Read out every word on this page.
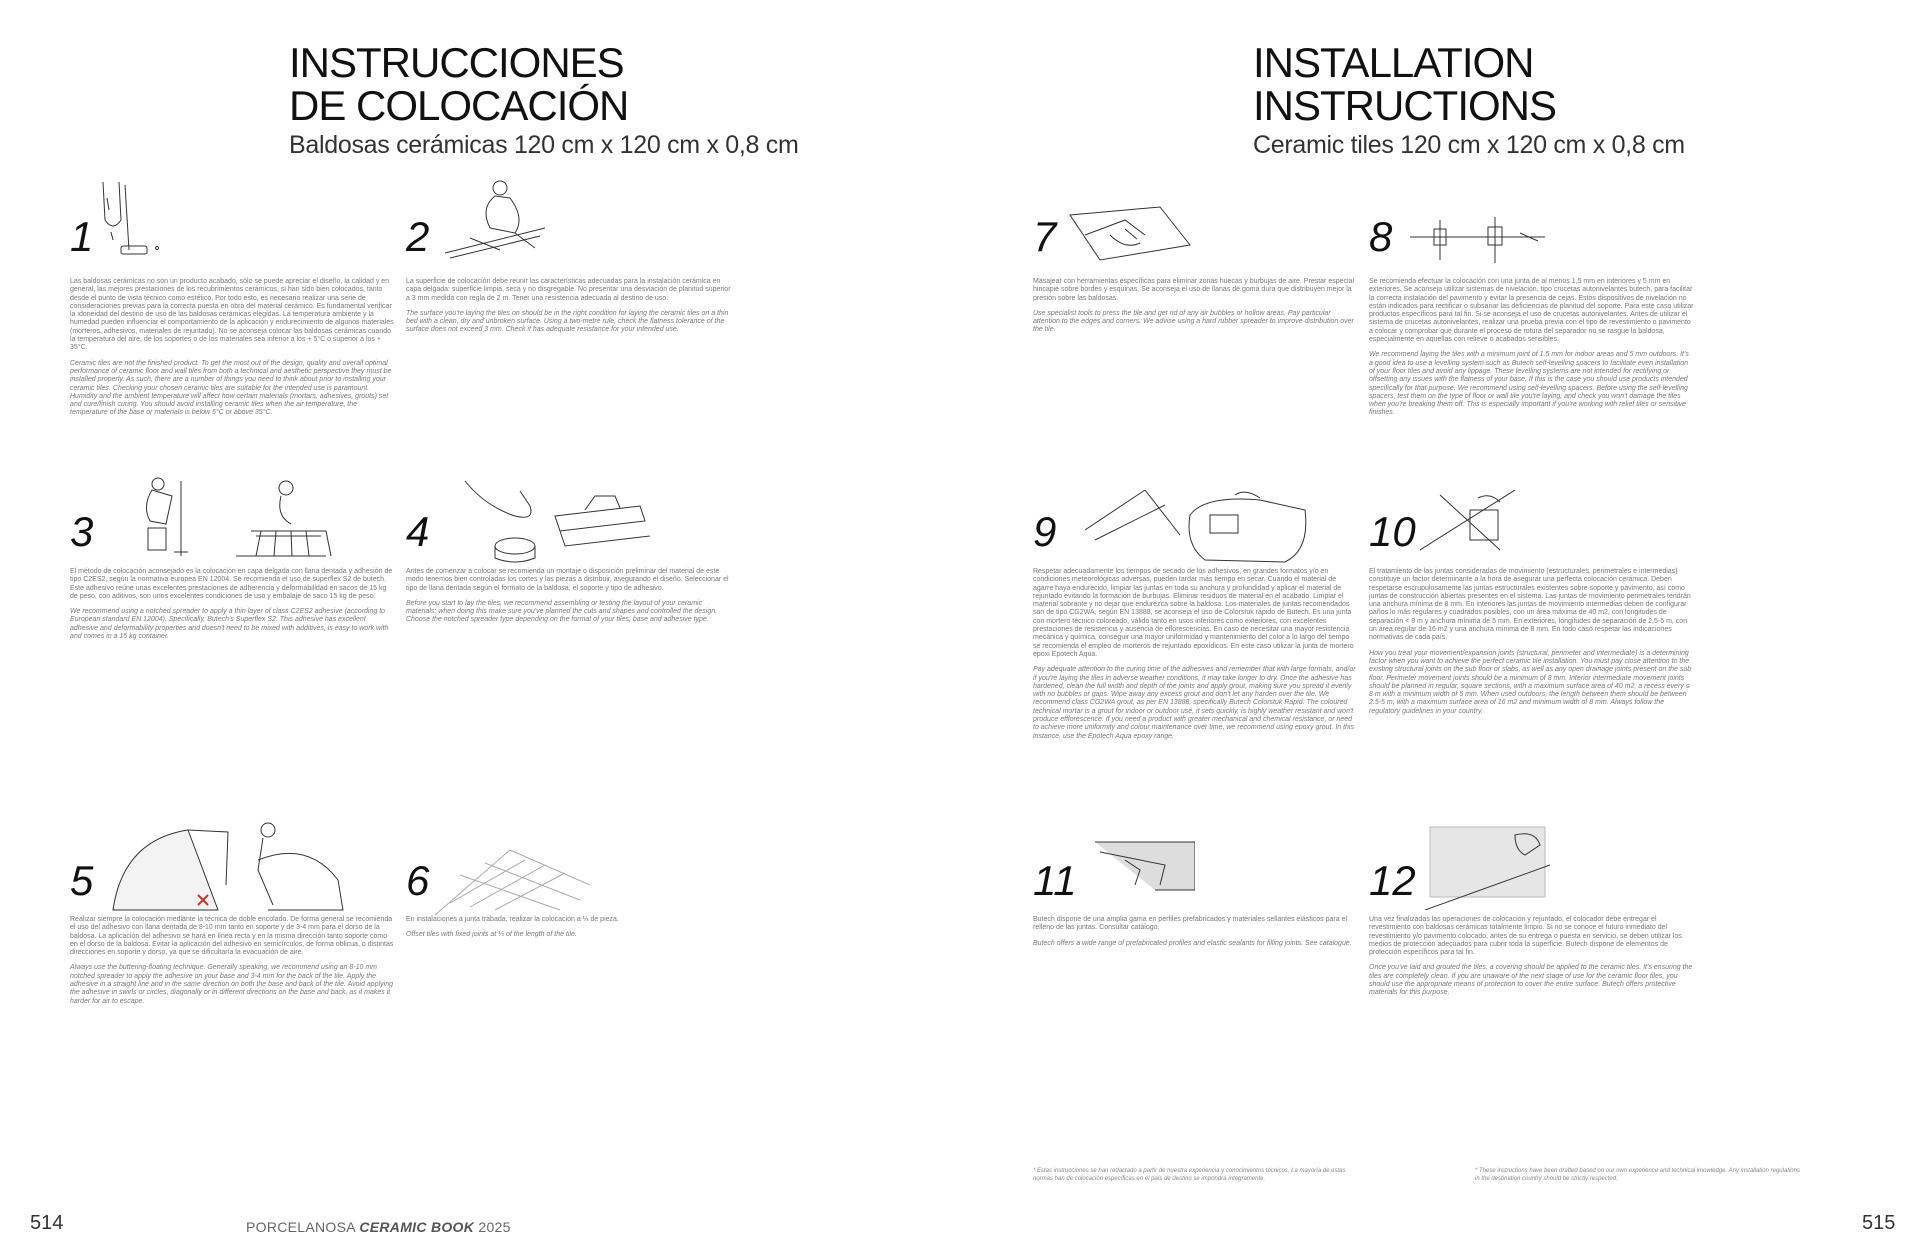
INSTRUCCIONES
DE COLOCACIÓN
Baldosas cerámicas 120 cm x 120 cm x 0,8 cm
INSTALLATION
INSTRUCTIONS
Ceramic tiles 120 cm x 120 cm x 0,8 cm
1	2	7	8
3	4	9	10
5	6	11	12

Las baldosas cerámicas no son un producto acabado, sólo se puede apreciar el diseño, la calidad y en general, las mejores prestaciones de los recubrimientos cerámicos, si han sido bien colocados, tanto desde el punto de vista técnico como estético. Por todo esto, es necesario realizar una serie de consideraciones previas para la correcta puesta en obra del material cerámico. Es fundamental verificar la idoneidad del destino de uso de las baldosas cerámicas elegidas. La temperatura ambiente y la humedad pueden influenciar el comportamiento de la aplicación y endurecimiento de algunos materiales (morteros, adhesivos, materiales de rejuntado). No se aconseja colocar las baldosas cerámicas cuando la temperatura del aire, de los soportes o de los materiales sea inferior a los + 5°C o superior a los + 35°C.

Ceramic tiles are not the finished product. To get the most out of the design, quality and overall optimal performance of ceramic floor and wall tiles from both a technical and aesthetic perspective they must be installed properly. As such, there are a number of things you need to think about prior to installing your ceramic tiles. Checking your chosen ceramic tiles are suitable for the intended use is paramount. Humidity and the ambient temperature will affect how certain materials (mortars, adhesives, grouts) set and cure/finish curing. You should avoid installing ceramic tiles when the air temperature, the temperature of the base or materials is below 5°C or above 35°C.

La superficie de colocación debe reunir las características adecuadas para la instalación cerámica en capa delgada: superficie limpia, seca y no disgregable. No presentar una desviación de planitud superior a 3 mm medida con regla de 2 m. Tener una resistencia adecuada al destino de uso.

The surface you're laying the tiles on should be in the right condition for laying the ceramic tiles on a thin bed with a clean, dry and unbroken surface. Using a two-metre rule, check the flatness tolerance of the surface does not exceed 3 mm. Check it has adequate resistance for your intended use.

Masajear con herramientas específicas para eliminar zonas huecas y burbujas de aire. Prestar especial hincapié sobre bordes y esquinas. Se aconseja el uso de llanas de goma dura que distribuyen mejor la presión sobre las baldosas.

Use specialist tools to press the tile and get rid of any air bubbles or hollow areas. Pay particular attention to the edges and corners. We advise using a hard rubber spreader to improve distribution over the tile.

Se recomienda efectuar la colocación con una junta de al menos 1,5 mm en interiores y 5 mm en exteriores. Se aconseja utilizar sistemas de nivelación, tipo crucetas autonivelantes butech, para facilitar la correcta instalación del pavimento y evitar la presencia de cejas. Estos dispositivos de nivelación no están indicados para rectificar o subsanar las deficiencias de planitud del soporte. Para este caso utilizar productos específicos para tal fin. Si se aconseja el uso de crucetas autonivelantes. Antes de utilizar el sistema de crucetas autonivelantes, realizar una prueba previa con el tipo de revestimiento o pavimento a colocar y comprobar que durante el proceso de rotura del separador no se rasgue la baldosa, especialmente en aquellas con relieve o acabados sensibles.

We recommend laying the tiles with a minimum joint of 1.5 mm for indoor areas and 5 mm outdoors. It's a good idea to use a levelling system such as Butech self-levelling spacers to facilitate even installation of your floor tiles and avoid any lippage. These levelling systems are not intended for rectifying or offsetting any issues with the flatness of your base. If this is the case you should use products intended specifically for that purpose. We recommend using self-levelling spacers. Before using the self-levelling spacers, test them on the type of floor or wall tile you're laying, and check you won't damage the tiles when you're breaking them off. This is especially important if you're working with relief tiles or sensitive finishes.

El método de colocación aconsejado es la colocación en capa delgada con llana dentada y adhesión de tipo C2ES2, según la normativa europea EN 12004. Se recomienda el uso de superflex S2 de butech. Este adhesivo reúne unas excelentes prestaciones de adherencia y deformabilidad en sacos de 15 kg de peso, con aditivos, son unos excelentes condiciones de uso y embalaje de saco 15 kg de peso.

We recommend using a notched spreader to apply a thin layer of class C2ES2 adhesive (according to European standard EN 12004). Specifically, Butech's Superflex S2. This adhesive has excellent adhesive and deformability properties and doesn't need to be mixed with additives, is easy to work with and comes in a 15 kg container.

Antes de comenzar a colocar se recomienda un montaje o disposición preliminar del material de este modo tenemos bien controladas los cortes y las piezas a distribuir, asegurando el diseño. Seleccionar el tipo de llana dentada según el formato de la baldosa, el soporte y tipo de adhesivo.

Before you start to lay the tiles, we recommend assembling or testing the layout of your ceramic materials: when doing this make sure you've planned the cuts and shapes and controlled the design. Choose the notched spreader type depending on the format of your tiles, base and adhesive type.

Respetar adecuadamente los tiempos de secado de los adhesivos, en grandes formatos y/o en condiciones meteorológicas adversas, pueden tardar más tiempo en secar. Cuando el material de agarre haya endurecido, limpiar las juntas en toda su anchura y profundidad y aplicar el material de rejuntado evitando la formación de burbujas. Eliminar residuos de material en el acabado. Limpiar el material sobrante y no dejar que endurezca sobre la baldosa. Los materiales de juntas recomendados son de tipo CG2WA, según EN 13888, se aconseja el uso de Colorstuk rápido de Butech. Es una junta con mortero técnico coloreado, válido tanto en usos interiores como exteriores, con excelentes prestaciones de resistencia y ausencia de eflorescencias. En caso de necesitar una mayor resistencia mecánica y química, conseguir una mayor uniformidad y mantenimiento del color a lo largo del tiempo se recomienda el empleo de morteros de rejuntado epoxídicos. En este caso utilizar la junta de mortero epoxi Epotech Aqua.

Pay adequate attention to the curing time of the adhesives and remember that with large formats, and/or if you're laying the tiles in adverse weather conditions, it may take longer to dry. Once the adhesive has hardened, clean the full width and depth of the joints and apply grout, making sure you spread it evenly with no bubbles or gaps. Wipe away any excess grout and don't let any harden over the tile. We recommend class CG2WA grout, as per EN 13888, specifically Butech Colorstuk Rapid. The coloured technical mortar is a grout for indoor or outdoor use, it sets quickly, is highly weather resistant and won't produce efflorescence. If you need a product with greater mechanical and chemical resistance, or need to achieve more uniformity and colour maintenance over time, we recommend using epoxy grout. In this instance, use the Epotech Aqua epoxy range.

El tratamiento de las juntas consideradas de movimiento (estructurales, perimetrales e intermedias) constituye un factor determinante a la hora de asegurar una perfecta colocación cerámica. Deben respetarse escrupulosamente las juntas estructurales existentes sobre soporte y pavimento, así como juntas de construcción abiertas presentes en el sistema. Las juntas de movimiento perimetrales tendrán una anchura mínima de 8 mm. En interiores las juntas de movimiento intermedias deben de configurar paños lo más regulares y cuadrados posibles, con un área máxima de 40 m2, con longitudes de separación < 8 m y anchura mínima de 5 mm. En exteriores, longitudes de separación de 2,5-5 m, con un área regular de 16 m2 y una anchura mínima de 8 mm. En todo caso respetar las indicaciones normativas de cada país.

How you treat your movement/expansion joints (structural, perimeter and intermediate) is a determining factor when you want to achieve the perfect ceramic tile installation. You must pay close attention to the existing structural joints on the sub floor or slabs, as well as any open drainage joints present on the sub floor. Perimeter movement joints should be a minimum of 8 mm. Interior intermediate movement joints should be planned in regular, square sections, with a maximum surface area of 40 m2, a recess every ≤ 8 m with a minimum width of 5 mm. When used outdoors, the length between them should be between 2.5-5 m, with a maximum surface area of 16 m2 and minimum width of 8 mm. Always follow the regulatory guidelines in your country.

Realizar siempre la colocación mediante la técnica de doble encolado. De forma general se recomienda el uso del adhesivo con llana dentada de 8-10 mm tanto en soporte y de 3-4 mm para el dorso de la baldosa. La aplicación del adhesivo se hará en línea recta y en la misma dirección tanto soporte como en el dorso de la baldosa. Evitar la aplicación del adhesivo en semicírculos, de forma oblicua, o distintas direcciones en soporte y dorso, ya que se dificultaría la evacuación de aire.

Always use the buttering-floating technique. Generally speaking, we recommend using an 8-10 mm notched spreader to apply the adhesive on your base and 3-4 mm for the back of the tile. Apply the adhesive in a straight line and in the same direction on both the base and back of the tile. Avoid applying the adhesive in swirls or circles, diagonally or in different directions on the base and back, as it makes it harder for air to escape.

En instalaciones a junta trabada, realizar la colocación a ⅓ de pieza.

Offset tiles with fixed joints at ⅓ of the length of the tile.

Butech dispone de una amplia gama en perfiles prefabricados y materiales sellantes elásticos para el relleno de las juntas. Consultar catálogo.

Butech offers a wide range of prefabricated profiles and elastic sealants for filling joints. See catalogue.

Una vez finalizadas las operaciones de colocación y rejuntado, el colocador debe entregar el revestimiento con baldosas cerámicas totalmente limpio. Si no se conoce el futuro inmediato del revestimiento y/o pavimento colocado, antes de su entrega o puesta en servicio, se deben utilizar los medios de protección adecuados para cubrir toda la superficie. Butech dispone de elementos de protección específicos para tal fin.

Once you've laid and grouted the tiles, a covering should be applied to the ceramic tiles. It's ensuring the tiles are completely clean. If you are unaware of the next stage of use for the ceramic floor tiles, you should use the appropriate means of protection to cover the entire surface. Butech offers protective materials for this purpose.

* Estas instrucciones se han redactado a partir de nuestra experiencia y conocimientos técnicos. La mayoría de estas normas han de colocación específicas en el país de destino se impondrá íntegramente.
* These instructions have been drafted based on our own experience and technical knowledge. Any installation regulations in the destination country should be strictly respected.
514	PORCELANOSA CERAMIC BOOK 2025	515
